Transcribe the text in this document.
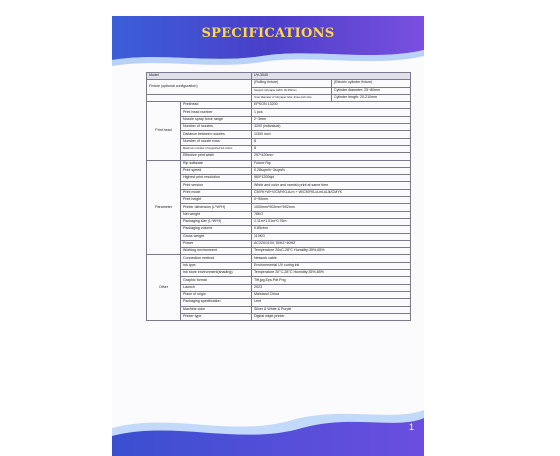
SPECIFICATIONS
Model		UV-3040	
Fixture (optional configuration)		(Rolling fixture)	(Electric cylinder fixture)
		Support roll paper width: 30-250mm	Cylinder diameter: 25~80mm
		Inner diameter of roll paper tube: three-inch core	
			Cylinder length: 20-210mm
Print head	Printhead	EPSON 13200	
	Print head number	1 pcs	
	Nozzle spray force range	2~3mm	
	Number of nozzles	3200 (individual)	
	Distance between nozzles	1/300 inch	
	Number of nozzle rows	8	
	Maximum number of supported ink colors	8	
	Effective print width	297*420mm	
Parameter	Rip software	Future Rip	
	Print speed	0.28sqm/h~3sqm/h	
	Highest print resolution	960*1200dpi	
	Print version	White and color and varnish print at same time	
	Print mode	CMYK+W+V/CMYKLcLm + W/CMYKLcLmLkLlk/CMYK	
	Print height	0~90mm	
	Printer dimension (L*W*H)	1000mm*902mm*592mm	
	Net weight	78KG	
	Packaging size (L*W*H)	1.11m*1.01m*0.76m	
	Packaging volume	0.85cbm	
	Gross weight	110KG	
	Power	AC220/110V, 50HZ~60HZ	
	Working environment	Temperature 20oC-28°C Humidity:35%-65%	
Other	Connection method	Network cable	
	Ink type	Environmental UV curing ink	
	Ink store environment(shading)	Temperature 20°C-28°C Humidity:35%-65%	
	Graphic format	Tiff.jpg.Eps.Pdf.Png	
	Launch	2023	
	Place of origin	Mainland China	
	Packaging specification	Lent	
	Machine color	Silver & White & Purple	
	Printer type	Digital inkjet printer	
1
